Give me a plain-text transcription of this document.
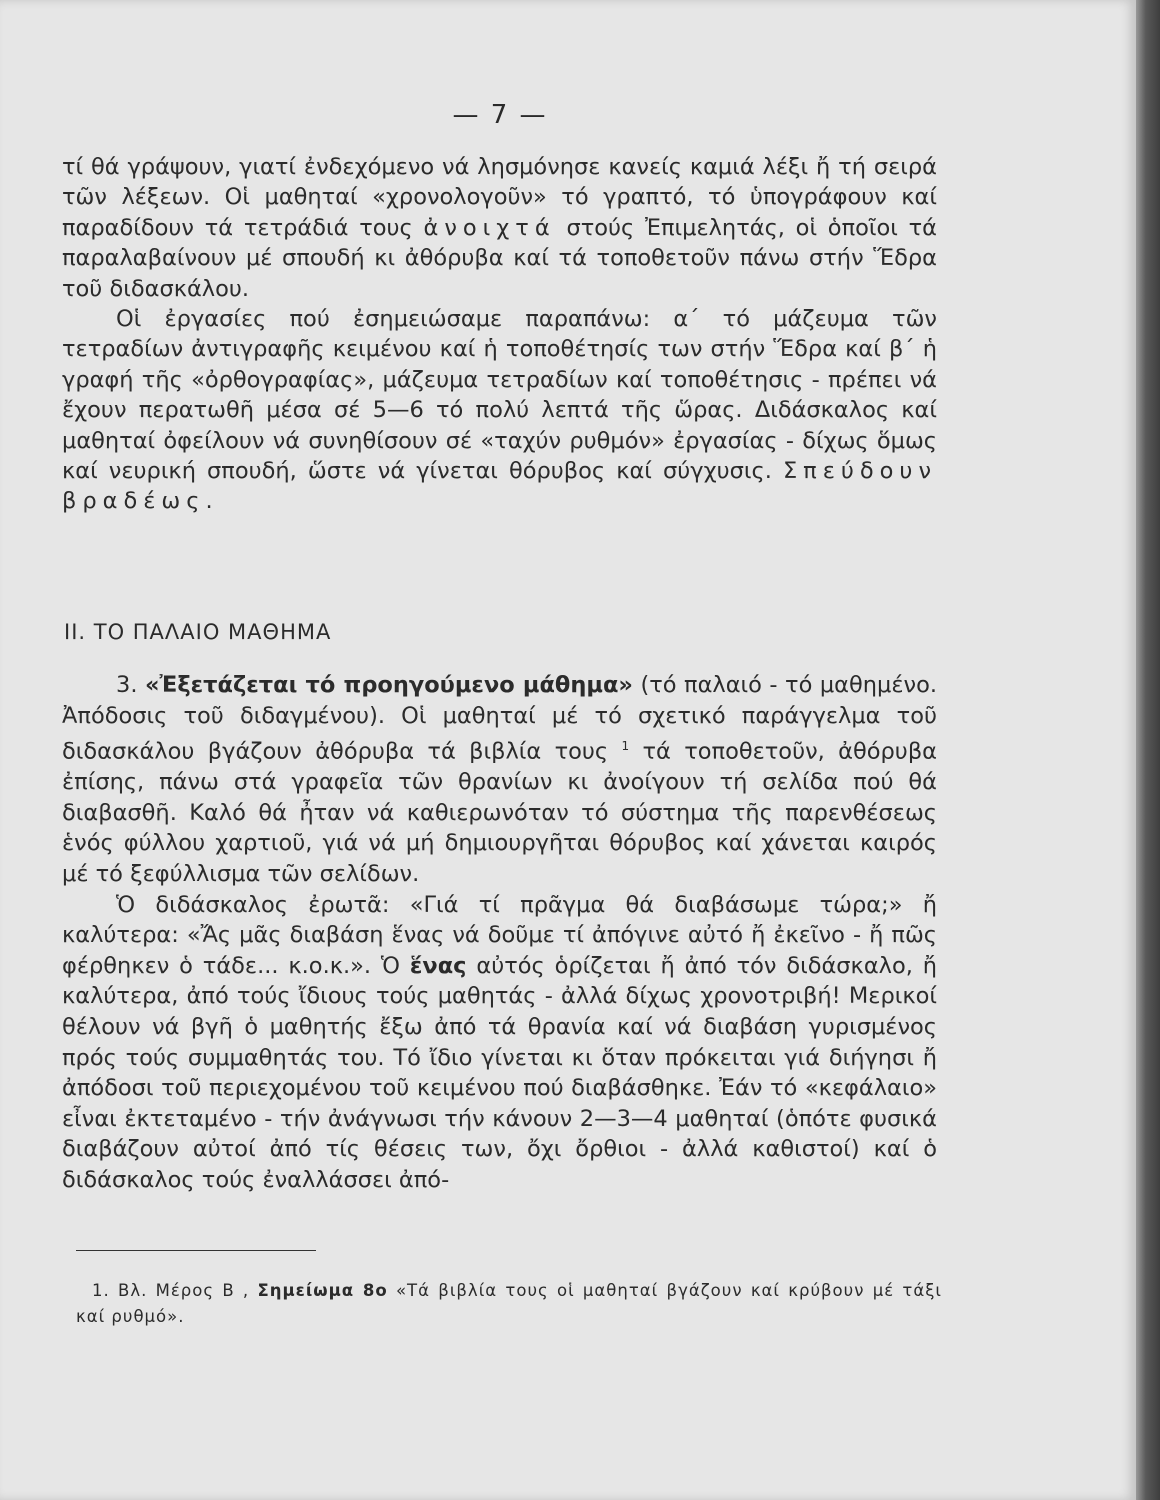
— 7 —

τί θά γράψουν, γιατί ἐνδεχόμενο νά λησμόνησε κανείς καμιά λέξι ἤ τή σειρά τῶν λέξεων. Οἱ μαθηταί «χρονολογοῦν» τό γραπτό, τό ὑπογράφουν καί παραδίδουν τά τετράδιά τους ἀνοιχτά στούς Ἐπιμελητάς, οἱ ὁποῖοι τά παραλαβαίνουν μέ σπουδή κι ἀθόρυβα καί τά τοποθετοῦν πάνω στήν Ἕδρα τοῦ διδασκάλου.

Οἱ ἐργασίες πού ἐσημειώσαμε παραπάνω: α΄ τό μάζευμα τῶν τετραδίων ἀντιγραφῆς κειμένου καί ἡ τοποθέτησίς των στήν Ἕδρα καί β΄ ἡ γραφή τῆς «ὀρθογραφίας», μάζευμα τετραδίων καί τοποθέτησις - πρέπει νά ἔχουν περατωθῆ μέσα σέ 5—6 τό πολύ λεπτά τῆς ὥρας. Διδάσκαλος καί μαθηταί ὀφείλουν νά συνηθίσουν σέ «ταχύν ρυθμόν» ἐργασίας - δίχως ὅμως καί νευρική σπουδή, ὥστε νά γίνεται θόρυβος καί σύγχυσις. Σπεύδουν βραδέως.

ΙΙ. ΤΟ ΠΑΛΑΙΟ ΜΑΘΗΜΑ

3. «Ἐξετάζεται τό προηγούμενο μάθημα» (τό παλαιό - τό μαθημένο. Ἀπόδοσις τοῦ διδαγμένου). Οἱ μαθηταί μέ τό σχετικό παράγγελμα τοῦ διδασκάλου βγάζουν ἀθόρυβα τά βιβλία τους $^1$ τά τοποθετοῦν, ἀθόρυβα ἐπίσης, πάνω στά γραφεῖα τῶν θρανίων κι ἀνοίγουν τή σελίδα πού θά διαβασθῆ. Καλό θά ἦταν νά καθιερωνόταν τό σύστημα τῆς παρενθέσεως ἑνός φύλλου χαρτιοῦ, γιά νά μή δημιουργῆται θόρυβος καί χάνεται καιρός μέ τό ξεφύλλισμα τῶν σελίδων.

Ὁ διδάσκαλος ἐρωτᾶ: «Γιά τί πρᾶγμα θά διαβάσωμε τώρα;» ἤ καλύτερα: «Ἄς μᾶς διαβάση ἕνας νά δοῦμε τί ἀπόγινε αὐτό ἤ ἐκεῖνο - ἤ πῶς φέρθηκεν ὁ τάδε... κ.ο.κ.». Ὁ ἕνας αὐτός ὁρίζεται ἤ ἀπό τόν διδάσκαλο, ἤ καλύτερα, ἀπό τούς ἴδιους τούς μαθητάς - ἀλλά δίχως χρονοτριβή! Μερικοί θέλουν νά βγῆ ὁ μαθητής ἔξω ἀπό τά θρανία καί νά διαβάση γυρισμένος πρός τούς συμμαθητάς του. Τό ἴδιο γίνεται κι ὅταν πρόκειται γιά διήγησι ἤ ἀπόδοσι τοῦ περιεχομένου τοῦ κειμένου πού διαβάσθηκε. Ἐάν τό «κεφάλαιο» εἶναι ἐκτεταμένο - τήν ἀνάγνωσι τήν κάνουν 2—3—4 μαθηταί (ὁπότε φυσικά διαβάζουν αὐτοί ἀπό τίς θέσεις των, ὄχι ὄρθιοι - ἀλλά καθιστοί) καί ὁ διδάσκαλος τούς ἐναλλάσσει ἀπό-

1. Βλ. Μέρος Β , Σημείωμα 8ο «Τά βιβλία τους οἱ μαθηταί βγάζουν καί κρύβουν μέ τάξι καί ρυθμό».
